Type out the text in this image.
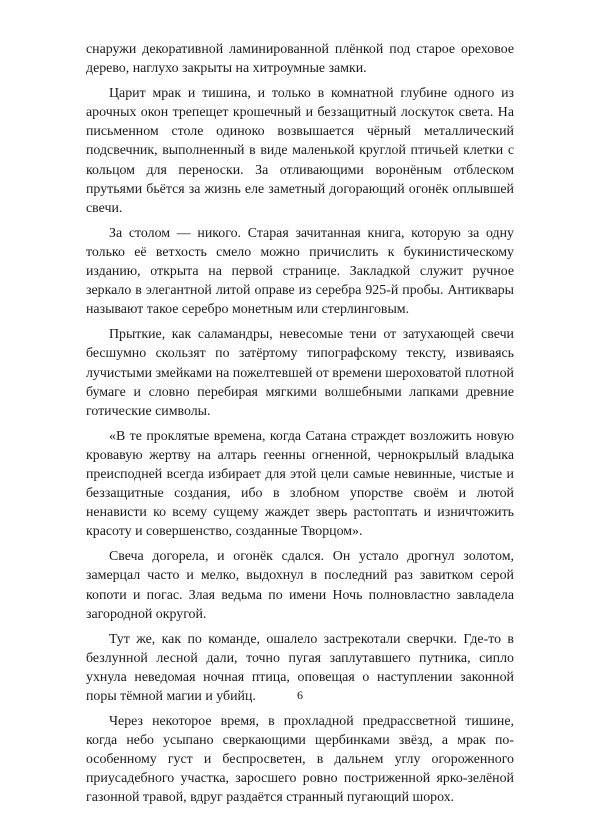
снаружи декоративной ламинированной плёнкой под старое ореховое дерево, наглухо закрыты на хитроумные замки.

Царит мрак и тишина, и только в комнатной глубине одного из арочных окон трепещет крошечный и беззащитный лоскуток света. На письменном столе одиноко возвышается чёрный металлический подсвечник, выполненный в виде маленькой круглой птичьей клетки с кольцом для переноски. За отливающими воронёным отблеском прутьями бьётся за жизнь еле заметный догорающий огонёк оплывшей свечи.

За столом — никого. Старая зачитанная книга, которую за одну только её ветхость смело можно причислить к букинистическому изданию, открыта на первой странице. Закладкой служит ручное зеркало в элегантной литой оправе из серебра 925-й пробы. Антиквары называют такое серебро монетным или стерлинговым.

Прыткие, как саламандры, невесомые тени от затухающей свечи бесшумно скользят по затёртому типографскому тексту, извиваясь лучистыми змейками на пожелтевшей от времени шероховатой плотной бумаге и словно перебирая мягкими волшебными лапками древние готические символы.

«В те проклятые времена, когда Сатана страждет возложить новую кровавую жертву на алтарь геенны огненной, чернокрылый владыка преисподней всегда избирает для этой цели самые невинные, чистые и беззащитные создания, ибо в злобном упорстве своём и лютой ненависти ко всему сущему жаждет зверь растоптать и изничтожить красоту и совершенство, созданные Творцом».

Свеча догорела, и огонёк сдался. Он устало дрогнул золотом, замерцал часто и мелко, выдохнул в последний раз завитком серой копоти и погас. Злая ведьма по имени Ночь полновластно завладела загородной округой.

Тут же, как по команде, ошалело застрекотали сверчки. Где-то в безлунной лесной дали, точно пугая заплутавшего путника, сипло ухнула неведомая ночная птица, оповещая о наступлении законной поры тёмной магии и убийц.

Через некоторое время, в прохладной предрассветной тишине, когда небо усыпано сверкающими щербинками звёзд, а мрак по-особенному густ и беспросветен, в дальнем углу огороженного приусадебного участка, заросшего ровно постриженной ярко-зелёной газонной травой, вдруг раздаётся странный пугающий шорох.

6
